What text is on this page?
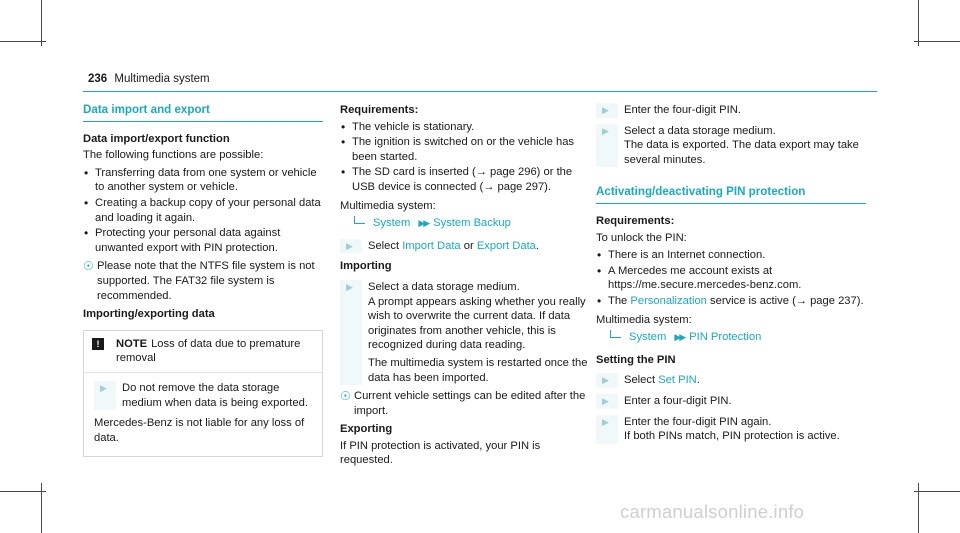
236 Multimedia system
Data import and export
Data import/export function

The following functions are possible:

• Transferring data from one system or vehicle to another system or vehicle.
• Creating a backup copy of your personal data and loading it again.
• Protecting your personal data against unwanted export with PIN protection.
☉ Please note that the NTFS file system is not supported. The FAT32 file system is recommended.
Importing/exporting data
!	NOTE Loss of data due to premature removal
▶	Do not remove the data storage medium when data is being exported.

Mercedes-Benz is not liable for any loss of data.

Requirements:
• The vehicle is stationary.
• The ignition is switched on or the vehicle has been started.
• The SD card is inserted (→ page 296) or the USB device is connected (→ page 297).

Multimedia system:

System ▶▶ System Backup
▶	Select Import Data or Export Data.
Importing
▶	Select a data storage medium.
A prompt appears asking whether you really wish to overwrite the current data. If data originates from another vehicle, this is recognized during data reading.
The multimedia system is restarted once the data has been imported.
☉ Current vehicle settings can be edited after the import.
Exporting

If PIN protection is activated, your PIN is requested.

▶	Enter the four-digit PIN.
▶	Select a data storage medium.
The data is exported. The data export may take several minutes.
Activating/deactivating PIN protection
Requirements:

To unlock the PIN:

• There is an Internet connection.
• A Mercedes me account exists at https://me.secure.mercedes-benz.com.
• The Personalization service is active (→ page 237).

Multimedia system:

System ▶▶ PIN Protection
Setting the PIN
▶	Select Set PIN.
▶	Enter a four-digit PIN.
▶	Enter the four-digit PIN again.
If both PINs match, PIN protection is active.
carmanualsonline.info
